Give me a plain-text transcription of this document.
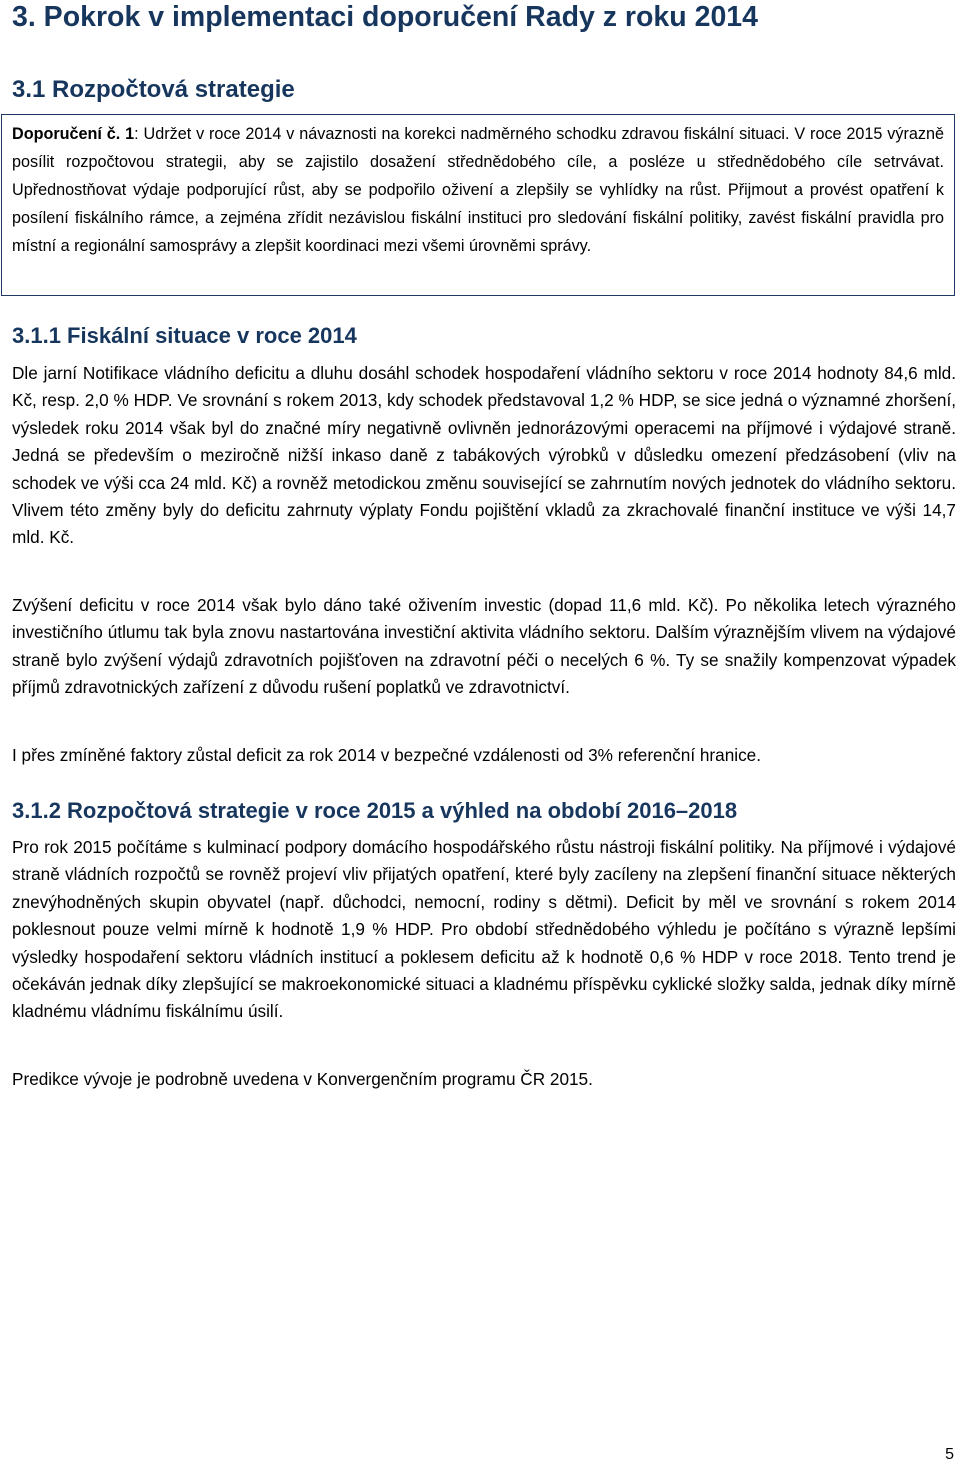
3. Pokrok v implementaci doporučení Rady z roku 2014
3.1 Rozpočtová strategie

Doporučení č. 1: Udržet v roce 2014 v návaznosti na korekci nadměrného schodku zdravou fiskální situaci. V roce 2015 výrazně posílit rozpočtovou strategii, aby se zajistilo dosažení střednědobého cíle, a posléze u střednědobého cíle setrvávat. Upřednostňovat výdaje podporující růst, aby se podpořilo oživení a zlepšily se vyhlídky na růst. Přijmout a provést opatření k posílení fiskálního rámce, a zejména zřídit nezávislou fiskální instituci pro sledování fiskální politiky, zavést fiskální pravidla pro místní a regionální samosprávy a zlepšit koordinaci mezi všemi úrovněmi správy.

3.1.1 Fiskální situace v roce 2014

Dle jarní Notifikace vládního deficitu a dluhu dosáhl schodek hospodaření vládního sektoru v roce 2014 hodnoty 84,6 mld. Kč, resp. 2,0 % HDP. Ve srovnání s rokem 2013, kdy schodek představoval 1,2 % HDP, se sice jedná o významné zhoršení, výsledek roku 2014 však byl do značné míry negativně ovlivněn jednorázovými operacemi na příjmové i výdajové straně. Jedná se především o meziročně nižší inkaso daně z tabákových výrobků v důsledku omezení předzásobení (vliv na schodek ve výši cca 24 mld. Kč) a rovněž metodickou změnu související se zahrnutím nových jednotek do vládního sektoru. Vlivem této změny byly do deficitu zahrnuty výplaty Fondu pojištění vkladů za zkrachovalé finanční instituce ve výši 14,7 mld. Kč.

Zvýšení deficitu v roce 2014 však bylo dáno také oživením investic (dopad 11,6 mld. Kč). Po několika letech výrazného investičního útlumu tak byla znovu nastartována investiční aktivita vládního sektoru. Dalším výraznějším vlivem na výdajové straně bylo zvýšení výdajů zdravotních pojišťoven na zdravotní péči o necelých 6 %. Ty se snažily kompenzovat výpadek příjmů zdravotnických zařízení z důvodu rušení poplatků ve zdravotnictví.

I přes zmíněné faktory zůstal deficit za rok 2014 v bezpečné vzdálenosti od 3% referenční hranice.

3.1.2 Rozpočtová strategie v roce 2015 a výhled na období 2016–2018

Pro rok 2015 počítáme s kulminací podpory domácího hospodářského růstu nástroji fiskální politiky. Na příjmové i výdajové straně vládních rozpočtů se rovněž projeví vliv přijatých opatření, které byly zacíleny na zlepšení finanční situace některých znevýhodněných skupin obyvatel (např. důchodci, nemocní, rodiny s dětmi). Deficit by měl ve srovnání s rokem 2014 poklesnout pouze velmi mírně k hodnotě 1,9 % HDP. Pro období střednědobého výhledu je počítáno s výrazně lepšími výsledky hospodaření sektoru vládních institucí a poklesem deficitu až k hodnotě 0,6 % HDP v roce 2018. Tento trend je očekáván jednak díky zlepšující se makroekonomické situaci a kladnému příspěvku cyklické složky salda, jednak díky mírně kladnému vládnímu fiskálnímu úsilí.

Predikce vývoje je podrobně uvedena v Konvergenčním programu ČR 2015.

5
